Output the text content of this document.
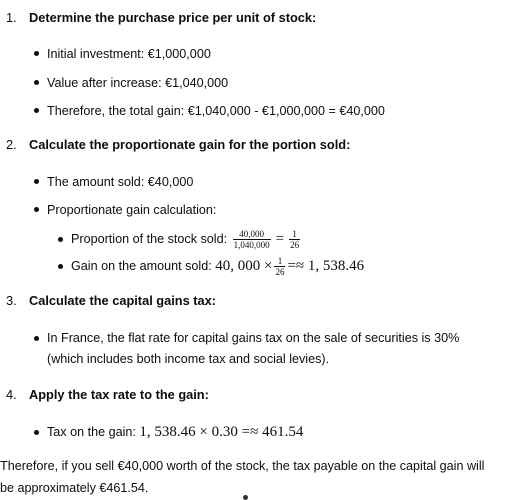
1. Determine the purchase price per unit of stock:
Initial investment: €1,000,000
Value after increase: €1,040,000
Therefore, the total gain: €1,040,000 - €1,000,000 = €40,000
2. Calculate the proportionate gain for the portion sold:
The amount sold: €40,000
Proportionate gain calculation:
Proportion of the stock sold: $\frac{40,000}{1,040,000} = \frac{1}{26}$
Gain on the amount sold: 40, $000 \times \frac{1}{26} =\approx 1$, 538.46
3. Calculate the capital gains tax:
In France, the flat rate for capital gains tax on the sale of securities is 30% (which includes both income tax and social levies).
4. Apply the tax rate to the gain:
Tax on the gain: 1, 538.46 × 0.30 =≈ 461.54
Therefore, if you sell €40,000 worth of the stock, the tax payable on the capital gain will be approximately €461.54.
